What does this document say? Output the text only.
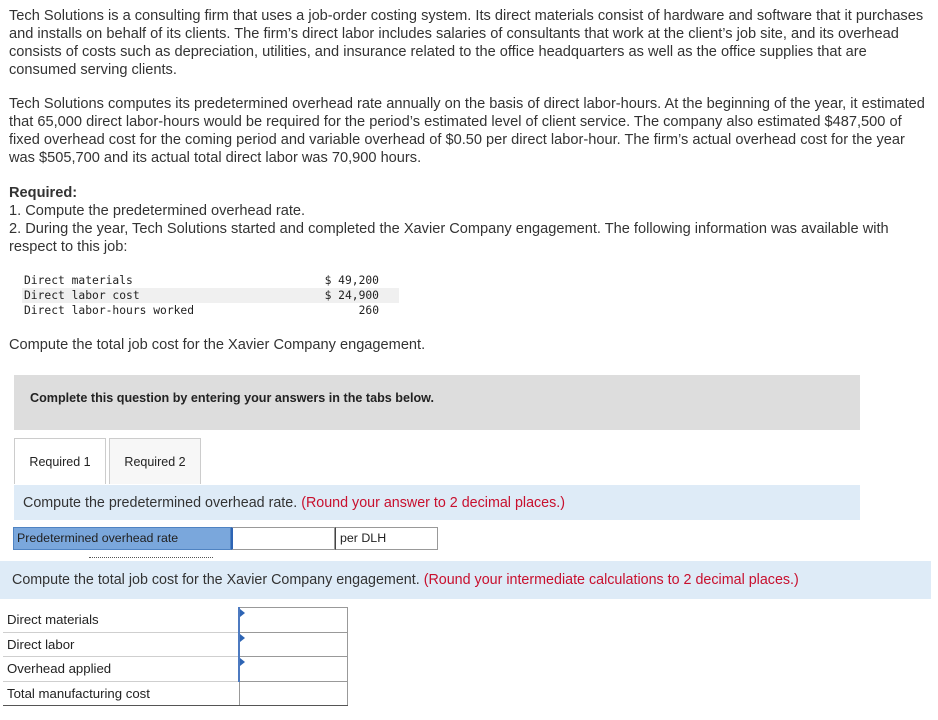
Tech Solutions is a consulting firm that uses a job-order costing system. Its direct materials consist of hardware and software that it purchases and installs on behalf of its clients. The firm’s direct labor includes salaries of consultants that work at the client’s job site, and its overhead consists of costs such as depreciation, utilities, and insurance related to the office headquarters as well as the office supplies that are consumed serving clients.

Tech Solutions computes its predetermined overhead rate annually on the basis of direct labor-hours. At the beginning of the year, it estimated that 65,000 direct labor-hours would be required for the period’s estimated level of client service. The company also estimated $487,500 of fixed overhead cost for the coming period and variable overhead of $0.50 per direct labor-hour. The firm’s actual overhead cost for the year was $505,700 and its actual total direct labor was 70,900 hours.

Required:
1. Compute the predetermined overhead rate.
2. During the year, Tech Solutions started and completed the Xavier Company engagement. The following information was available with respect to this job:
Direct materials	$ 49,200
Direct labor cost	$ 24,900
Direct labor-hours worked	260
Compute the total job cost for the Xavier Company engagement.
Complete this question by entering your answers in the tabs below.
Required 1	Required 2
Compute the predetermined overhead rate.
(Round your answer to 2 decimal places.)
Predetermined overhead rate	per DLH
Compute the total job cost for the Xavier Company engagement.
(Round your intermediate calculations to 2 decimal places.)
Direct materials	

Direct labor	

Overhead applied	

Total manufacturing cost	
